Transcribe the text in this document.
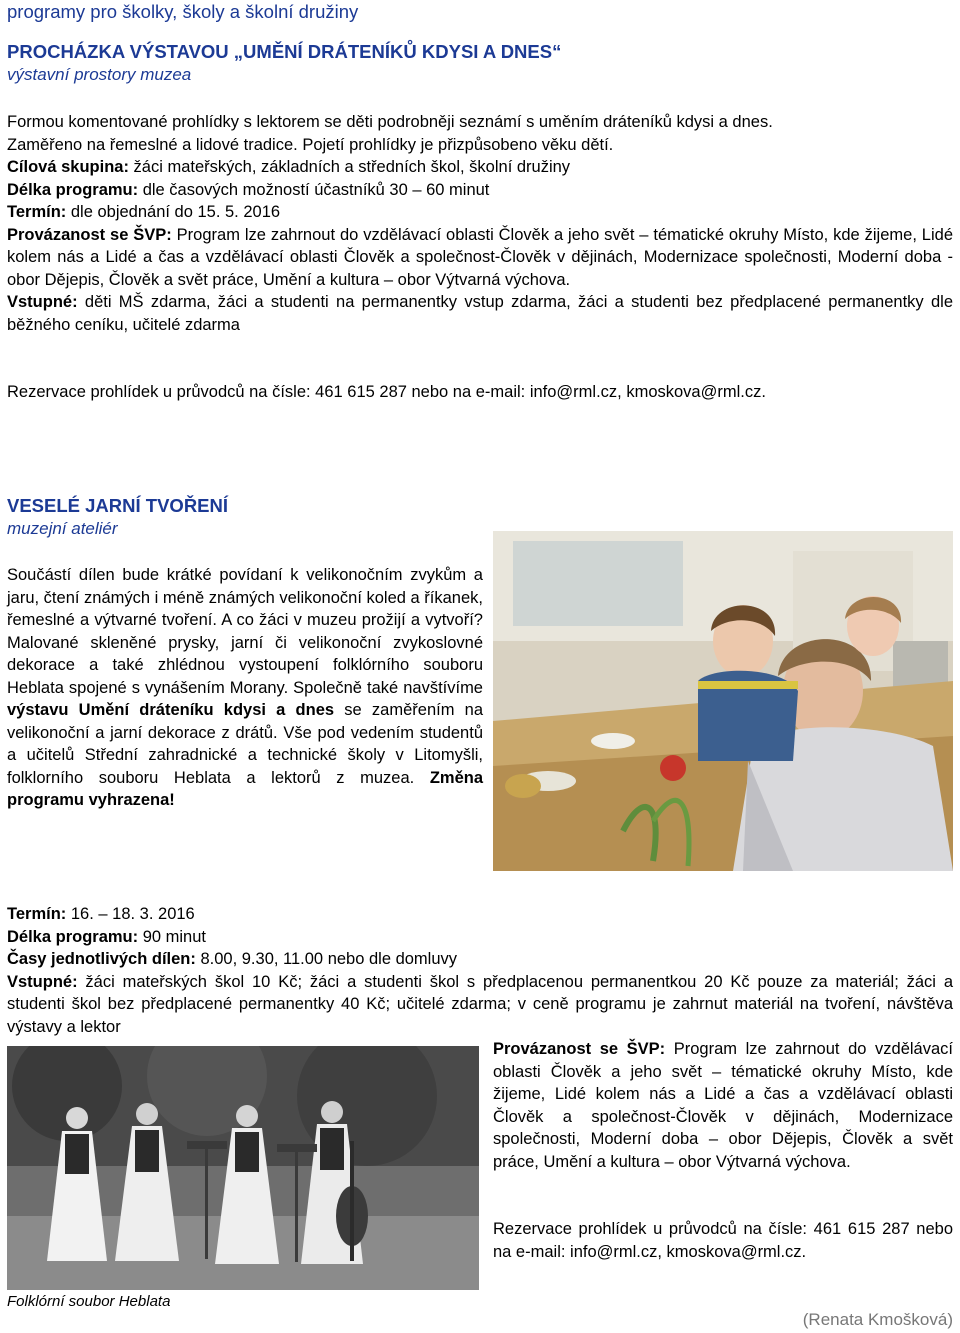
programy pro školky, školy a školní družiny
PROCHÁZKA VÝSTAVOU „UMĚNÍ DRÁTENÍKŮ KDYSI A DNES“
výstavní prostory muzea
Formou komentované prohlídky s lektorem se děti podrobněji seznámí s uměním dráteníků kdysi a dnes.
Zaměřeno na řemeslné a lidové tradice. Pojetí prohlídky je přizpůsobeno věku dětí.
Cílová skupina: žáci mateřských, základních a středních škol, školní družiny
Délka programu: dle časových možností účastníků 30 – 60 minut
Termín: dle objednání do 15. 5. 2016
Provázanost se ŠVP: Program lze zahrnout do vzdělávací oblasti Člověk a jeho svět – tématické okruhy Místo, kde žijeme, Lidé kolem nás a Lidé a čas a vzdělávací oblasti Člověk a společnost-Člověk v dějinách, Modernizace společnosti, Moderní doba - obor Dějepis, Člověk a svět práce, Umění a kultura – obor Výtvarná výchova.
Vstupné: děti MŠ zdarma, žáci a studenti na permanentky vstup zdarma, žáci a studenti bez předplacené permanentky dle běžného ceníku, učitelé zdarma
Rezervace prohlídek u průvodců na čísle: 461 615 287 nebo na e-mail: info@rml.cz, kmoskova@rml.cz.
VESELÉ JARNÍ TVOŘENÍ
muzejní ateliér
Součástí dílen bude krátké povídaní k velikonočním zvykům a jaru, čtení známých i méně známých velikonoční koled a říkanek, řemeslné a výtvarné tvoření. A co žáci v muzeu prožijí a vytvoří? Malované skleněné prysky, jarní či velikonoční zvykoslovné dekorace a také zhlédnou vystoupení folklórního souboru Heblata spojené s vynášením Morany. Společně také navštívíme výstavu Umění dráteníku kdysi a dnes se zaměřením na velikonoční a jarní dekorace z drátů. Vše pod vedením studentů a učitelů Střední zahradnické a technické školy v Litomyšli, folklorního souboru Heblata a lektorů z muzea. Změna programu vyhrazena!
Termín: 16. – 18. 3. 2016
Délka programu: 90 minut
Časy jednotlivých dílen: 8.00, 9.30, 11.00 nebo dle domluvy
Vstupné: žáci mateřských škol 10 Kč; žáci a studenti škol s předplacenou permanentkou 20 Kč pouze za materiál; žáci a studenti škol bez předplacené permanentky 40 Kč; učitelé zdarma; v ceně programu je zahrnut materiál na tvoření, návštěva výstavy a lektor
Folklórní soubor Heblata
Provázanost se ŠVP: Program lze zahrnout do vzdělávací oblasti Člověk a jeho svět – tématické okruhy Místo, kde žijeme, Lidé kolem nás a Lidé a čas a vzdělávací oblasti Člověk a společnost-Člověk v dějinách, Modernizace společnosti, Moderní doba – obor Dějepis, Člověk a svět práce, Umění a kultura – obor Výtvarná výchova.
Rezervace prohlídek u průvodců na čísle: 461 615 287 nebo na e-mail: info@rml.cz, kmoskova@rml.cz.
(Renata Kmošková)
